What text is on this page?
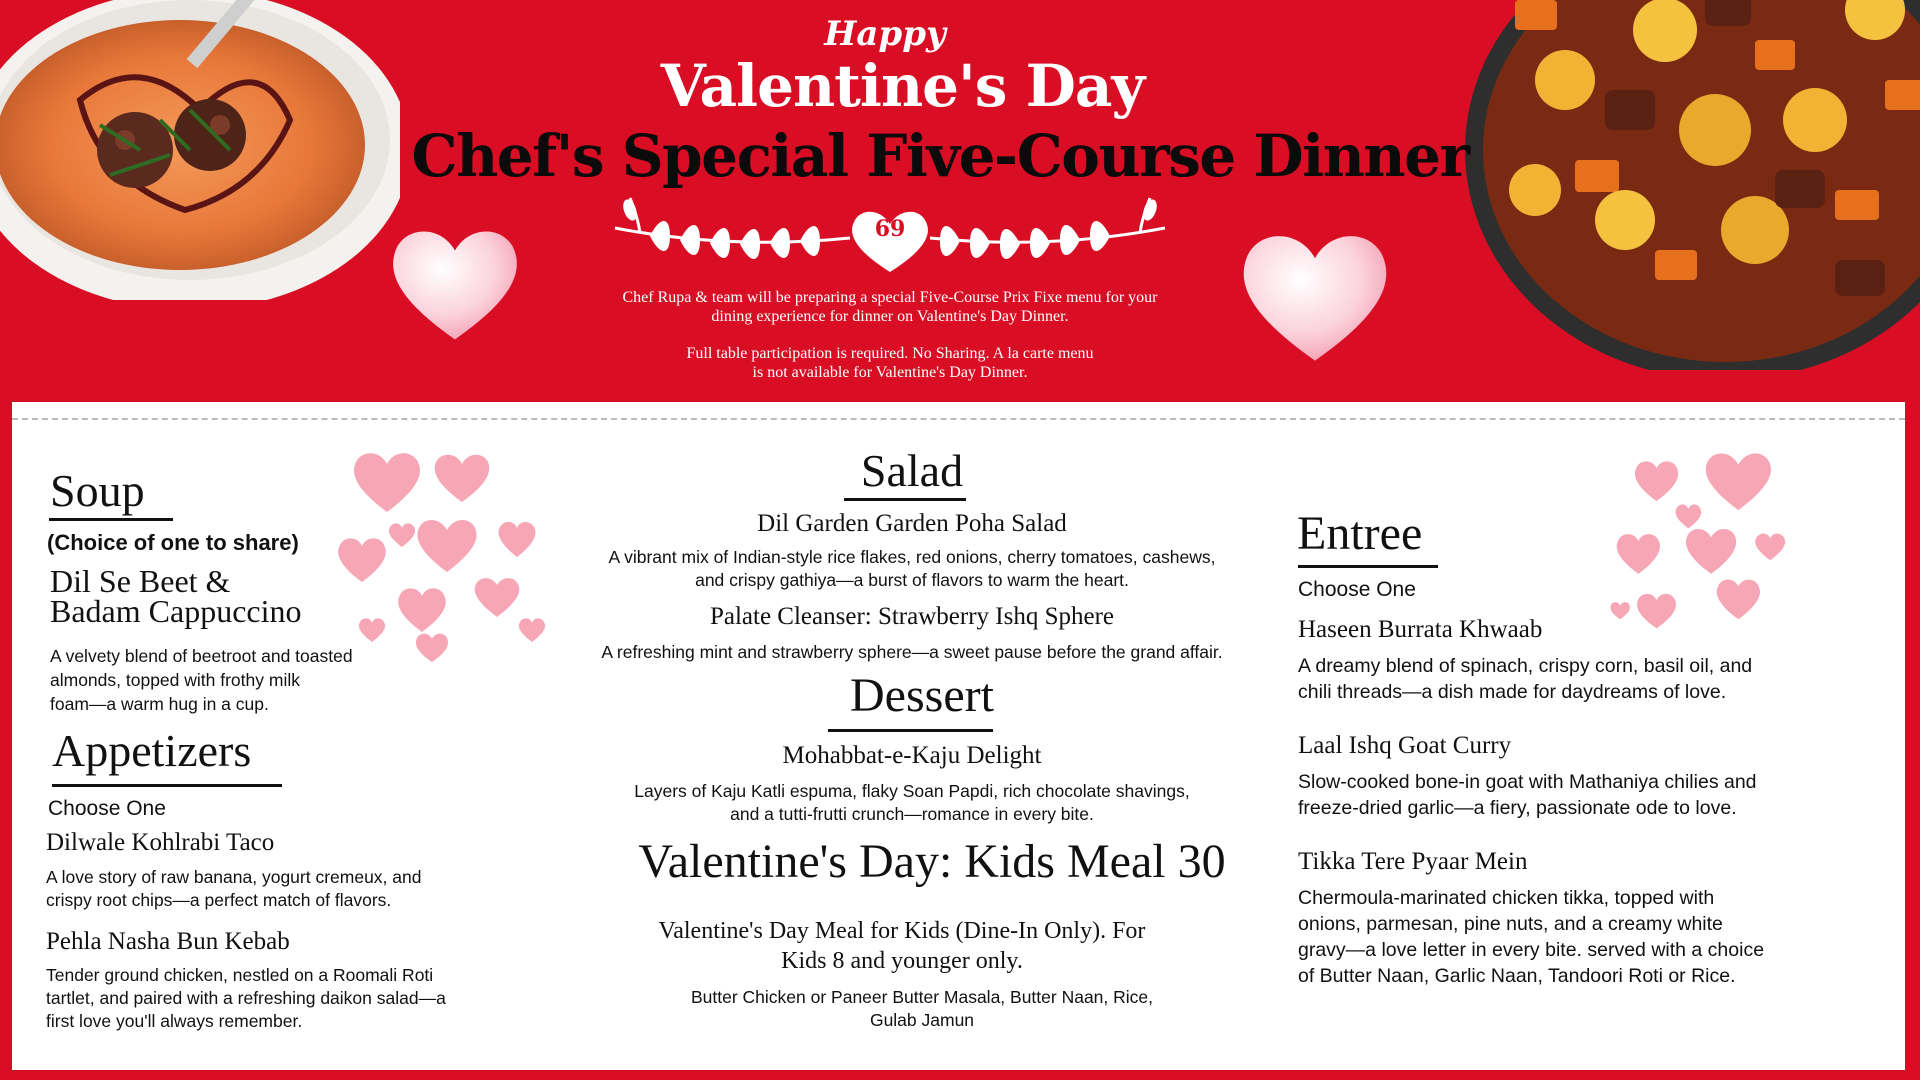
Happy
Valentine's Day
Chef's Special Five-Course Dinner
69
Chef Rupa & team will be preparing a special Five-Course Prix Fixe menu for your
dining experience for dinner on Valentine's Day Dinner.
Full table participation is required. No Sharing. A la carte menu
is not available for Valentine's Day Dinner.
Soup
(Choice of one to share)
Dil Se Beet &
Badam Cappuccino
A velvety blend of beetroot and toasted
almonds, topped with frothy milk
foam—a warm hug in a cup.
Appetizers
Choose One
Dilwale Kohlrabi Taco
A love story of raw banana, yogurt cremeux, and
crispy root chips—a perfect match of flavors.
Pehla Nasha Bun Kebab
Tender ground chicken, nestled on a Roomali Roti
tartlet, and paired with a refreshing daikon salad—a
first love you'll always remember.
Salad
Dil Garden Garden Poha Salad
A vibrant mix of Indian-style rice flakes, red onions, cherry tomatoes, cashews,
and crispy gathiya—a burst of flavors to warm the heart.
Palate Cleanser: Strawberry Ishq Sphere
A refreshing mint and strawberry sphere—a sweet pause before the grand affair.
Dessert
Mohabbat-e-Kaju Delight
Layers of Kaju Katli espuma, flaky Soan Papdi, rich chocolate shavings,
and a tutti-frutti crunch—romance in every bite.
Valentine's Day: Kids Meal 30
Valentine's Day Meal for Kids (Dine-In Only). For
Kids 8 and younger only.
Butter Chicken or Paneer Butter Masala, Butter Naan, Rice,
Gulab Jamun
Entree
Choose One
Haseen Burrata Khwaab
A dreamy blend of spinach, crispy corn, basil oil, and
chili threads—a dish made for daydreams of love.
Laal Ishq Goat Curry
Slow-cooked bone-in goat with Mathaniya chilies and
freeze-dried garlic—a fiery, passionate ode to love.
Tikka Tere Pyaar Mein
Chermoula-marinated chicken tikka, topped with
onions, parmesan, pine nuts, and a creamy white
gravy—a love letter in every bite. served with a choice
of Butter Naan, Garlic Naan, Tandoori Roti or Rice.
